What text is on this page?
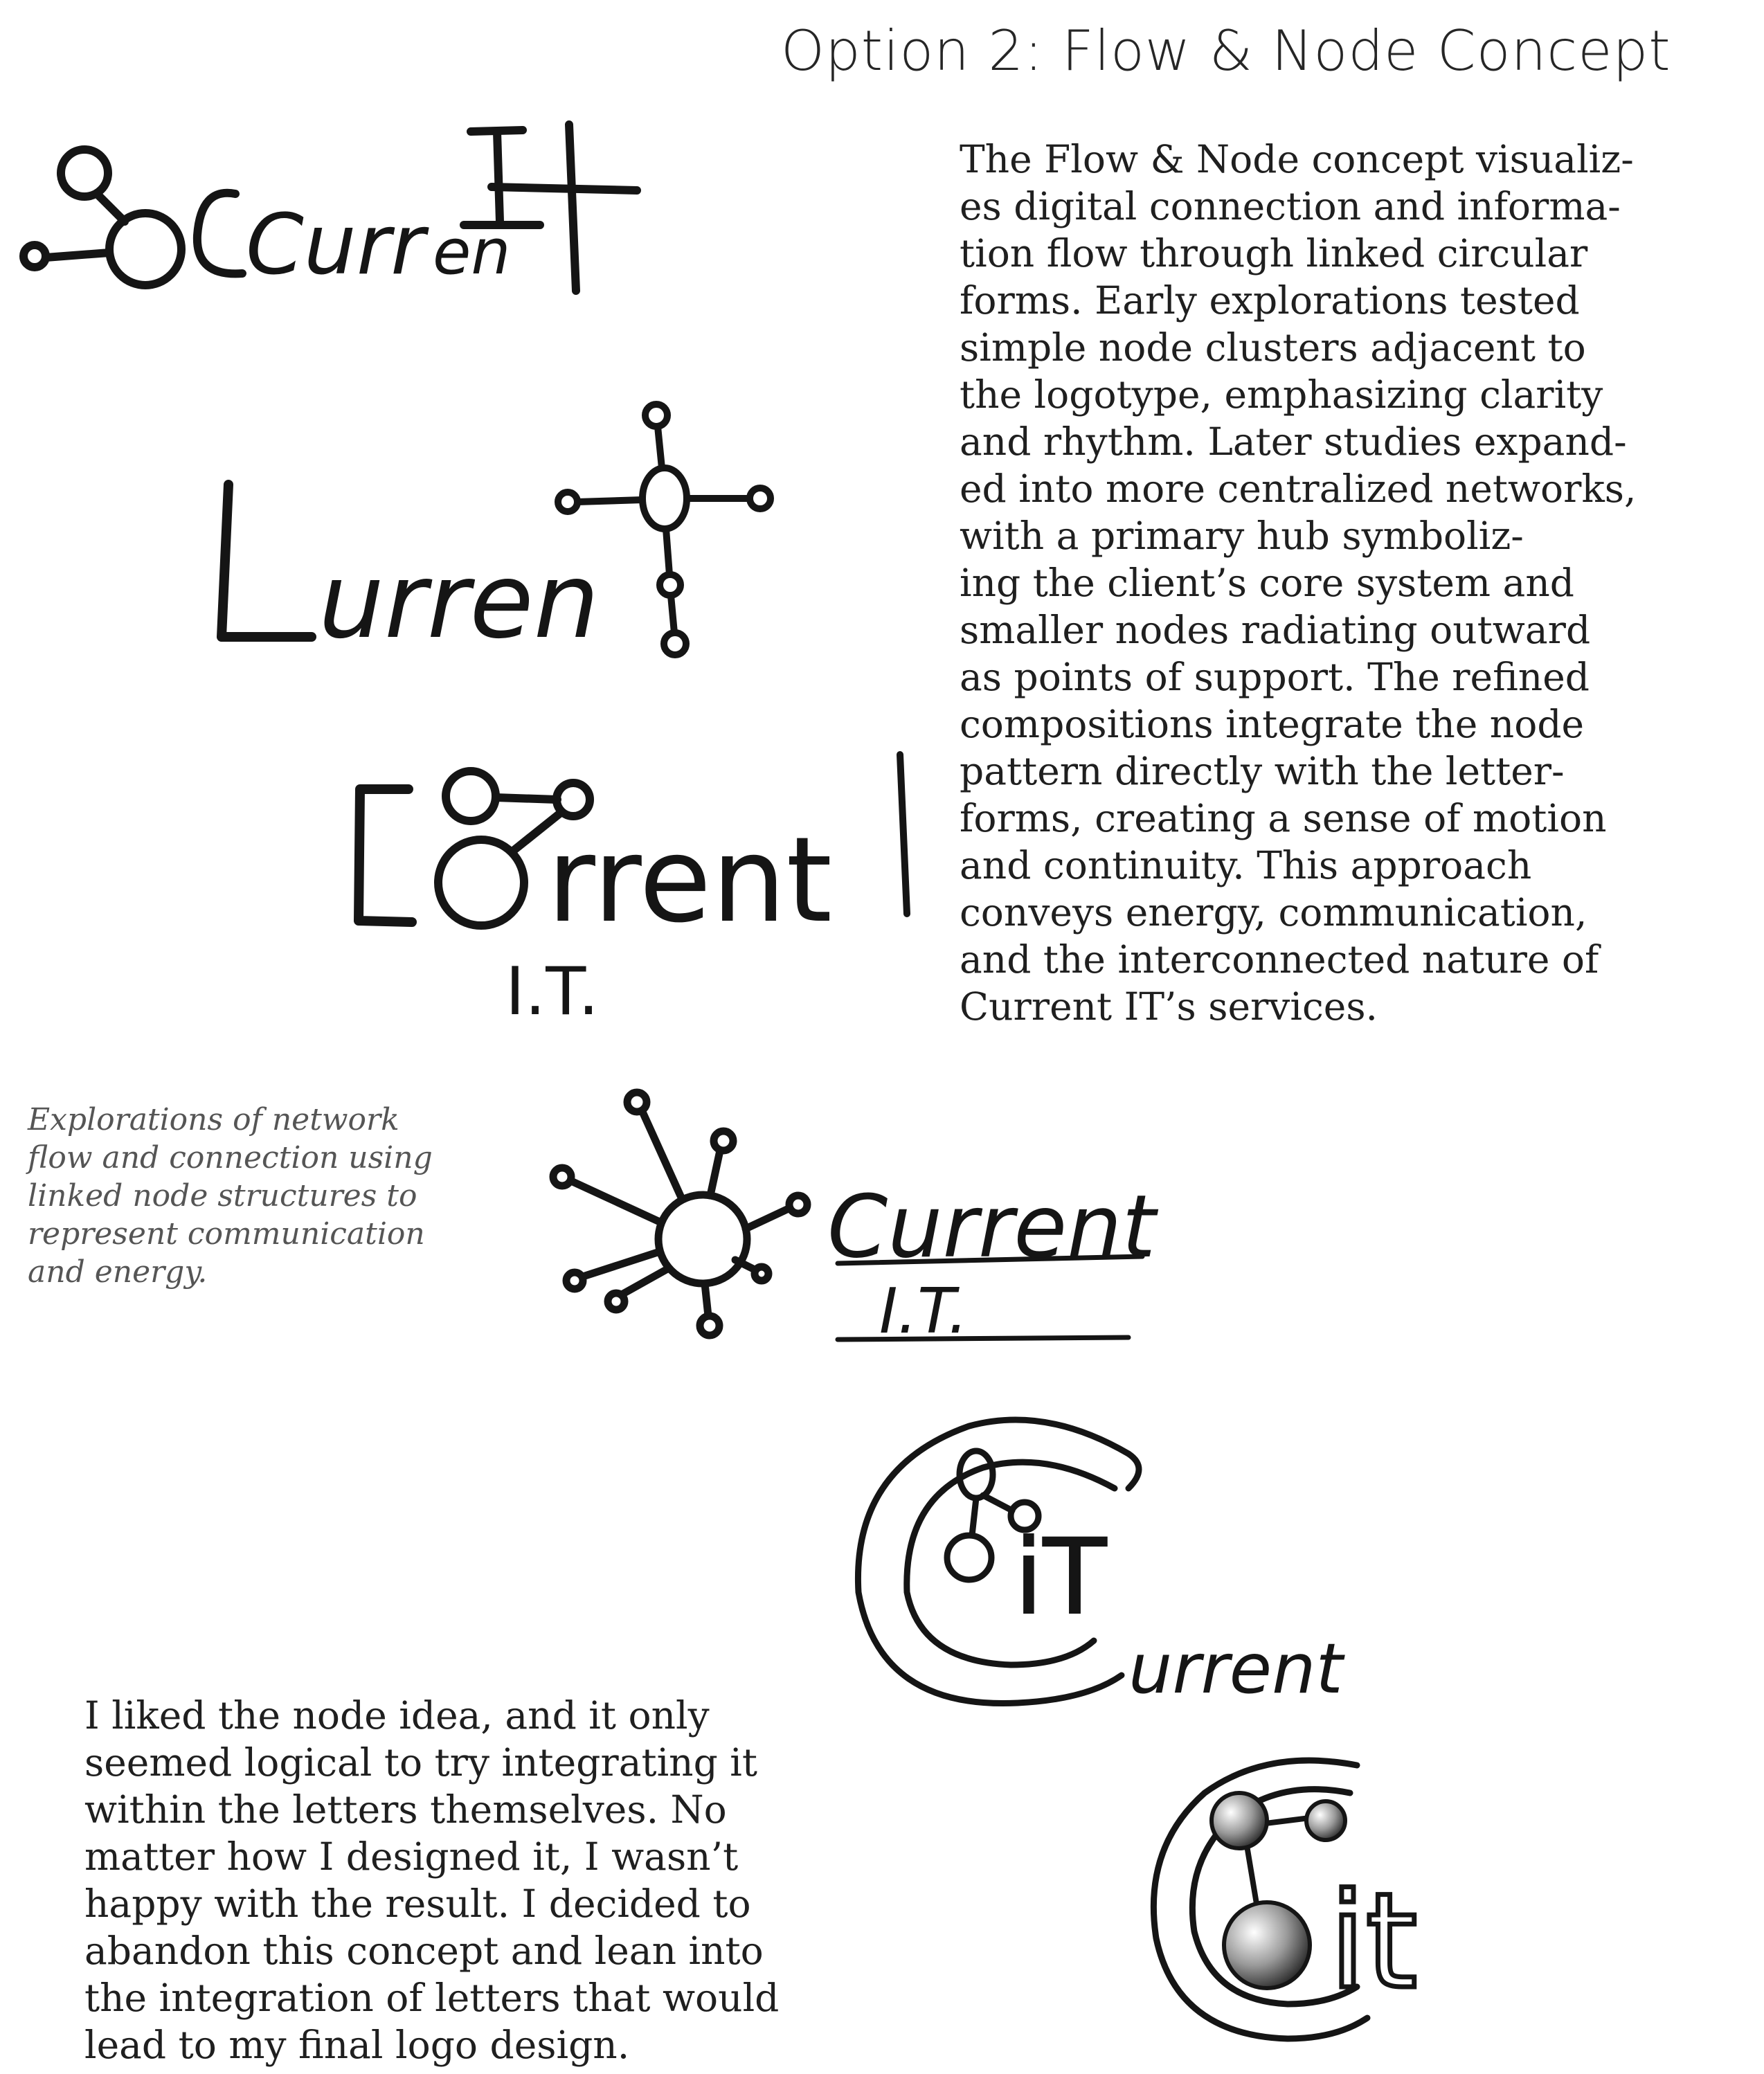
Option 2: Flow & Node Concept
The Flow & Node concept visualiz-
es digital connection and informa-
tion flow through linked circular
forms. Early explorations tested
simple node clusters adjacent to
the logotype, emphasizing clarity
and rhythm. Later studies expand-
ed into more centralized networks,
with a primary hub symboliz-
ing the client’s core system and
smaller nodes radiating outward
as points of support. The refined
compositions integrate the node
pattern directly with the letter-
forms, creating a sense of motion
and continuity. This approach
conveys energy, communication,
and the interconnected nature of
Current IT’s services.
Explorations of network
flow and connection using
linked node structures to
represent communication
and energy.
I liked the node idea, and it only
seemed logical to try integrating it
within the letters themselves. No
matter how I designed it, I wasn’t
happy with the result. I decided to
abandon this concept and lean into
the integration of letters that would
lead to my final logo design.
Curr en
urren
rrent
I.T.
Current
I.T.
iT
urrent
it
